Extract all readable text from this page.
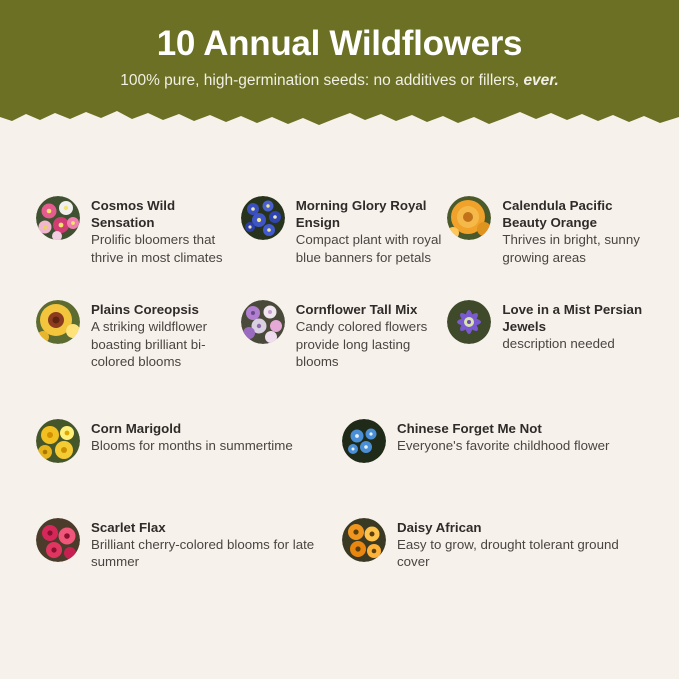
10 Annual Wildflowers
100% pure, high-germination seeds: no additives or fillers, ever.
Cosmos Wild Sensation
Prolific bloomers that thrive in most climates
Morning Glory Royal Ensign
Compact plant with royal blue banners for petals
Calendula Pacific Beauty Orange
Thrives in bright, sunny growing areas
Plains Coreopsis
A striking wildflower boasting brilliant bi-colored blooms
Cornflower Tall Mix
Candy colored flowers provide long lasting blooms
Love in a Mist Persian Jewels
description needed
Corn Marigold
Blooms for months in summertime
Chinese Forget Me Not
Everyone's favorite childhood flower
Scarlet Flax
Brilliant cherry-colored blooms for late summer
Daisy African
Easy to grow, drought tolerant ground cover
